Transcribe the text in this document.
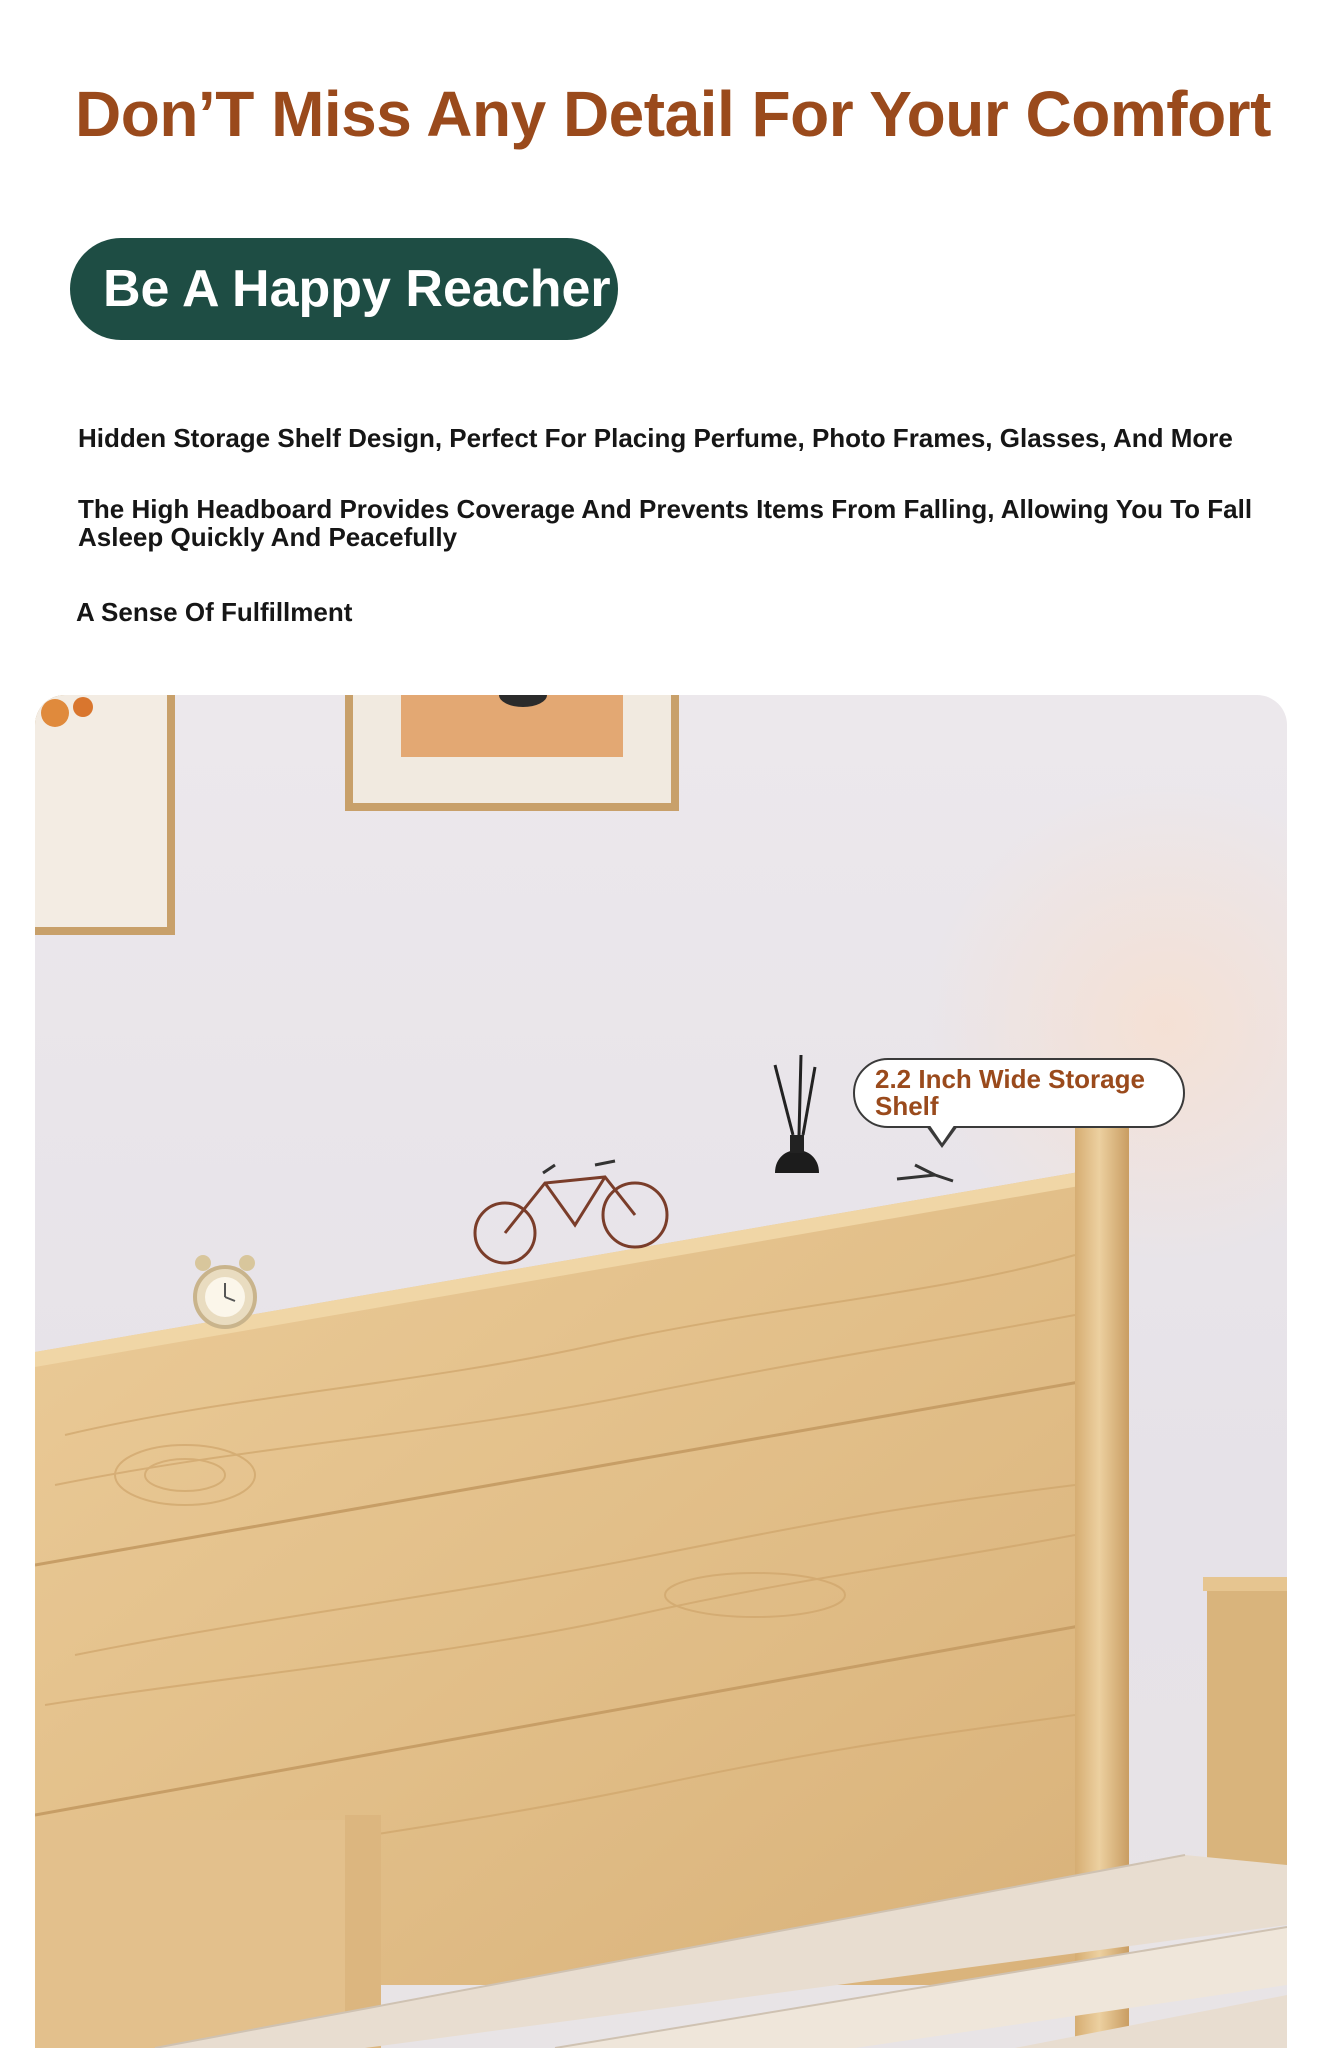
Don’T Miss Any Detail For Your Comfort
Be A Happy Reacher
Hidden Storage Shelf Design, Perfect For Placing Perfume, Photo Frames, Glasses, And More
The High Headboard Provides Coverage And Prevents Items From Falling, Allowing You To Fall Asleep Quickly And Peacefully
A Sense Of Fulfillment
2.2 Inch Wide Storage Shelf
